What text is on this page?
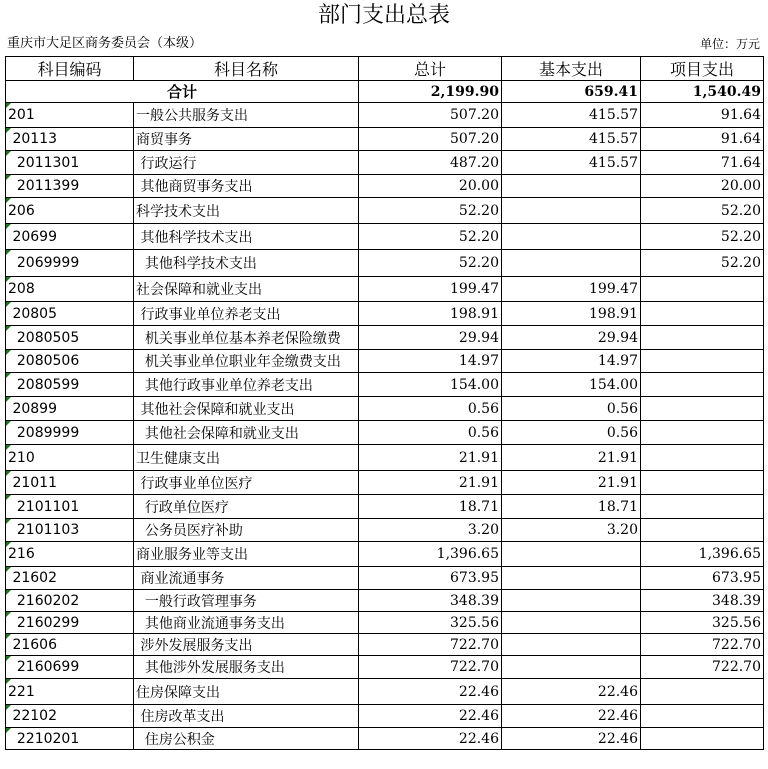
部门支出总表
重庆市大足区商务委员会（本级）	单位：万元
科目编码	科目名称	总计	基本支出	项目支出
合计		2,199.90	659.41	1,540.49
201	一般公共服务支出	507.20	415.57	91.64
20113	商贸事务	507.20	415.57	91.64
2011301	行政运行	487.20	415.57	71.64
2011399	其他商贸事务支出	20.00		20.00
206	科学技术支出	52.20		52.20
20699	其他科学技术支出	52.20		52.20
2069999	其他科学技术支出	52.20		52.20
208	社会保障和就业支出	199.47	199.47	
20805	行政事业单位养老支出	198.91	198.91	
2080505	机关事业单位基本养老保险缴费	29.94	29.94	
2080506	机关事业单位职业年金缴费支出	14.97	14.97	
2080599	其他行政事业单位养老支出	154.00	154.00	
20899	其他社会保障和就业支出	0.56	0.56	
2089999	其他社会保障和就业支出	0.56	0.56	
210	卫生健康支出	21.91	21.91	
21011	行政事业单位医疗	21.91	21.91	
2101101	行政单位医疗	18.71	18.71	
2101103	公务员医疗补助	3.20	3.20	
216	商业服务业等支出	1,396.65		1,396.65
21602	商业流通事务	673.95		673.95
2160202	一般行政管理事务	348.39		348.39
2160299	其他商业流通事务支出	325.56		325.56
21606	涉外发展服务支出	722.70		722.70
2160699	其他涉外发展服务支出	722.70		722.70
221	住房保障支出	22.46	22.46	
22102	住房改革支出	22.46	22.46	
2210201	住房公积金	22.46	22.46	
